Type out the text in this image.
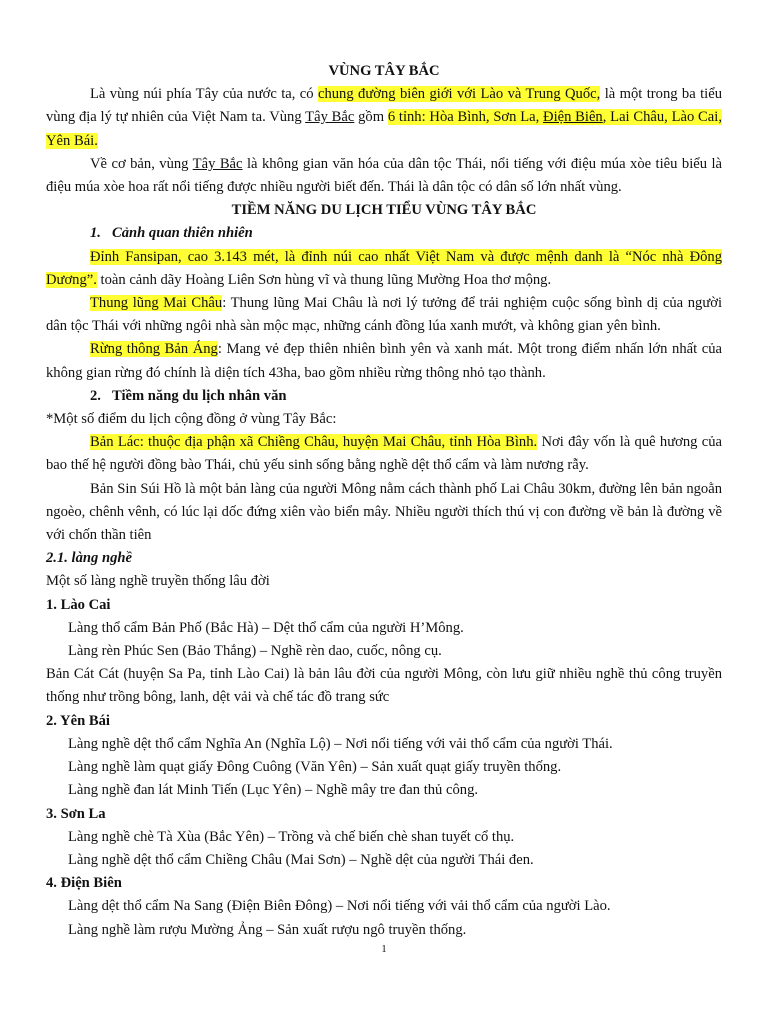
VÙNG TÂY BẮC

Là vùng núi phía Tây của nước ta, có chung đường biên giới với Lào và Trung Quốc, là một trong ba tiểu vùng địa lý tự nhiên của Việt Nam ta. Vùng Tây Bắc gồm 6 tỉnh: Hòa Bình, Sơn La, Điện Biên, Lai Châu, Lào Cai, Yên Bái.

Về cơ bản, vùng Tây Bắc là không gian văn hóa của dân tộc Thái, nổi tiếng với điệu múa xòe tiêu biểu là điệu múa xòe hoa rất nổi tiếng được nhiều người biết đến. Thái là dân tộc có dân số lớn nhất vùng.

TIỀM NĂNG DU LỊCH TIỂU VÙNG TÂY BẮC

1. Cảnh quan thiên nhiên

Đỉnh Fansipan, cao 3.143 mét, là đỉnh núi cao nhất Việt Nam và được mệnh danh là “Nóc nhà Đông Dương”. toàn cảnh dãy Hoàng Liên Sơn hùng vĩ và thung lũng Mường Hoa thơ mộng.

Thung lũng Mai Châu: Thung lũng Mai Châu là nơi lý tưởng để trải nghiệm cuộc sống bình dị của người dân tộc Thái với những ngôi nhà sàn mộc mạc, những cánh đồng lúa xanh mướt, và không gian yên bình.

Rừng thông Bản Áng: Mang vẻ đẹp thiên nhiên bình yên và xanh mát. Một trong điểm nhấn lớn nhất của không gian rừng đó chính là diện tích 43ha, bao gồm nhiều rừng thông nhỏ tạo thành.

2. Tiềm năng du lịch nhân văn

*Một số điểm du lịch cộng đồng ở vùng Tây Bắc:

Bản Lác: thuộc địa phận xã Chiềng Châu, huyện Mai Châu, tỉnh Hòa Bình. Nơi đây vốn là quê hương của bao thế hệ người đồng bào Thái, chủ yếu sinh sống bằng nghề dệt thổ cẩm và làm nương rẫy.

Bản Sin Súi Hồ là một bản làng của người Mông nằm cách thành phố Lai Châu 30km, đường lên bản ngoằn ngoèo, chênh vênh, có lúc lại dốc đứng xiên vào biển mây. Nhiều người thích thú vị con đường về bản là đường về với chốn thần tiên

2.1. làng nghề

Một số làng nghề truyền thống lâu đời

1. Lào Cai

Làng thổ cẩm Bản Phố (Bắc Hà) – Dệt thổ cẩm của người H’Mông.

Làng rèn Phúc Sen (Bảo Thắng) – Nghề rèn dao, cuốc, nông cụ.

Bản Cát Cát (huyện Sa Pa, tỉnh Lào Cai) là bản lâu đời của người Mông, còn lưu giữ nhiều nghề thủ công truyền thống như trồng bông, lanh, dệt vải và chế tác đồ trang sức

2. Yên Bái

Làng nghề dệt thổ cẩm Nghĩa An (Nghĩa Lộ) – Nơi nổi tiếng với vải thổ cẩm của người Thái.

Làng nghề làm quạt giấy Đông Cuông (Văn Yên) – Sản xuất quạt giấy truyền thống.

Làng nghề đan lát Minh Tiến (Lục Yên) – Nghề mây tre đan thủ công.

3. Sơn La

Làng nghề chè Tà Xùa (Bắc Yên) – Trồng và chế biến chè shan tuyết cổ thụ.

Làng nghề dệt thổ cẩm Chiềng Châu (Mai Sơn) – Nghề dệt của người Thái đen.

4. Điện Biên

Làng dệt thổ cẩm Na Sang (Điện Biên Đông) – Nơi nổi tiếng với vải thổ cẩm của người Lào.

Làng nghề làm rượu Mường Ảng – Sản xuất rượu ngô truyền thống.

1
